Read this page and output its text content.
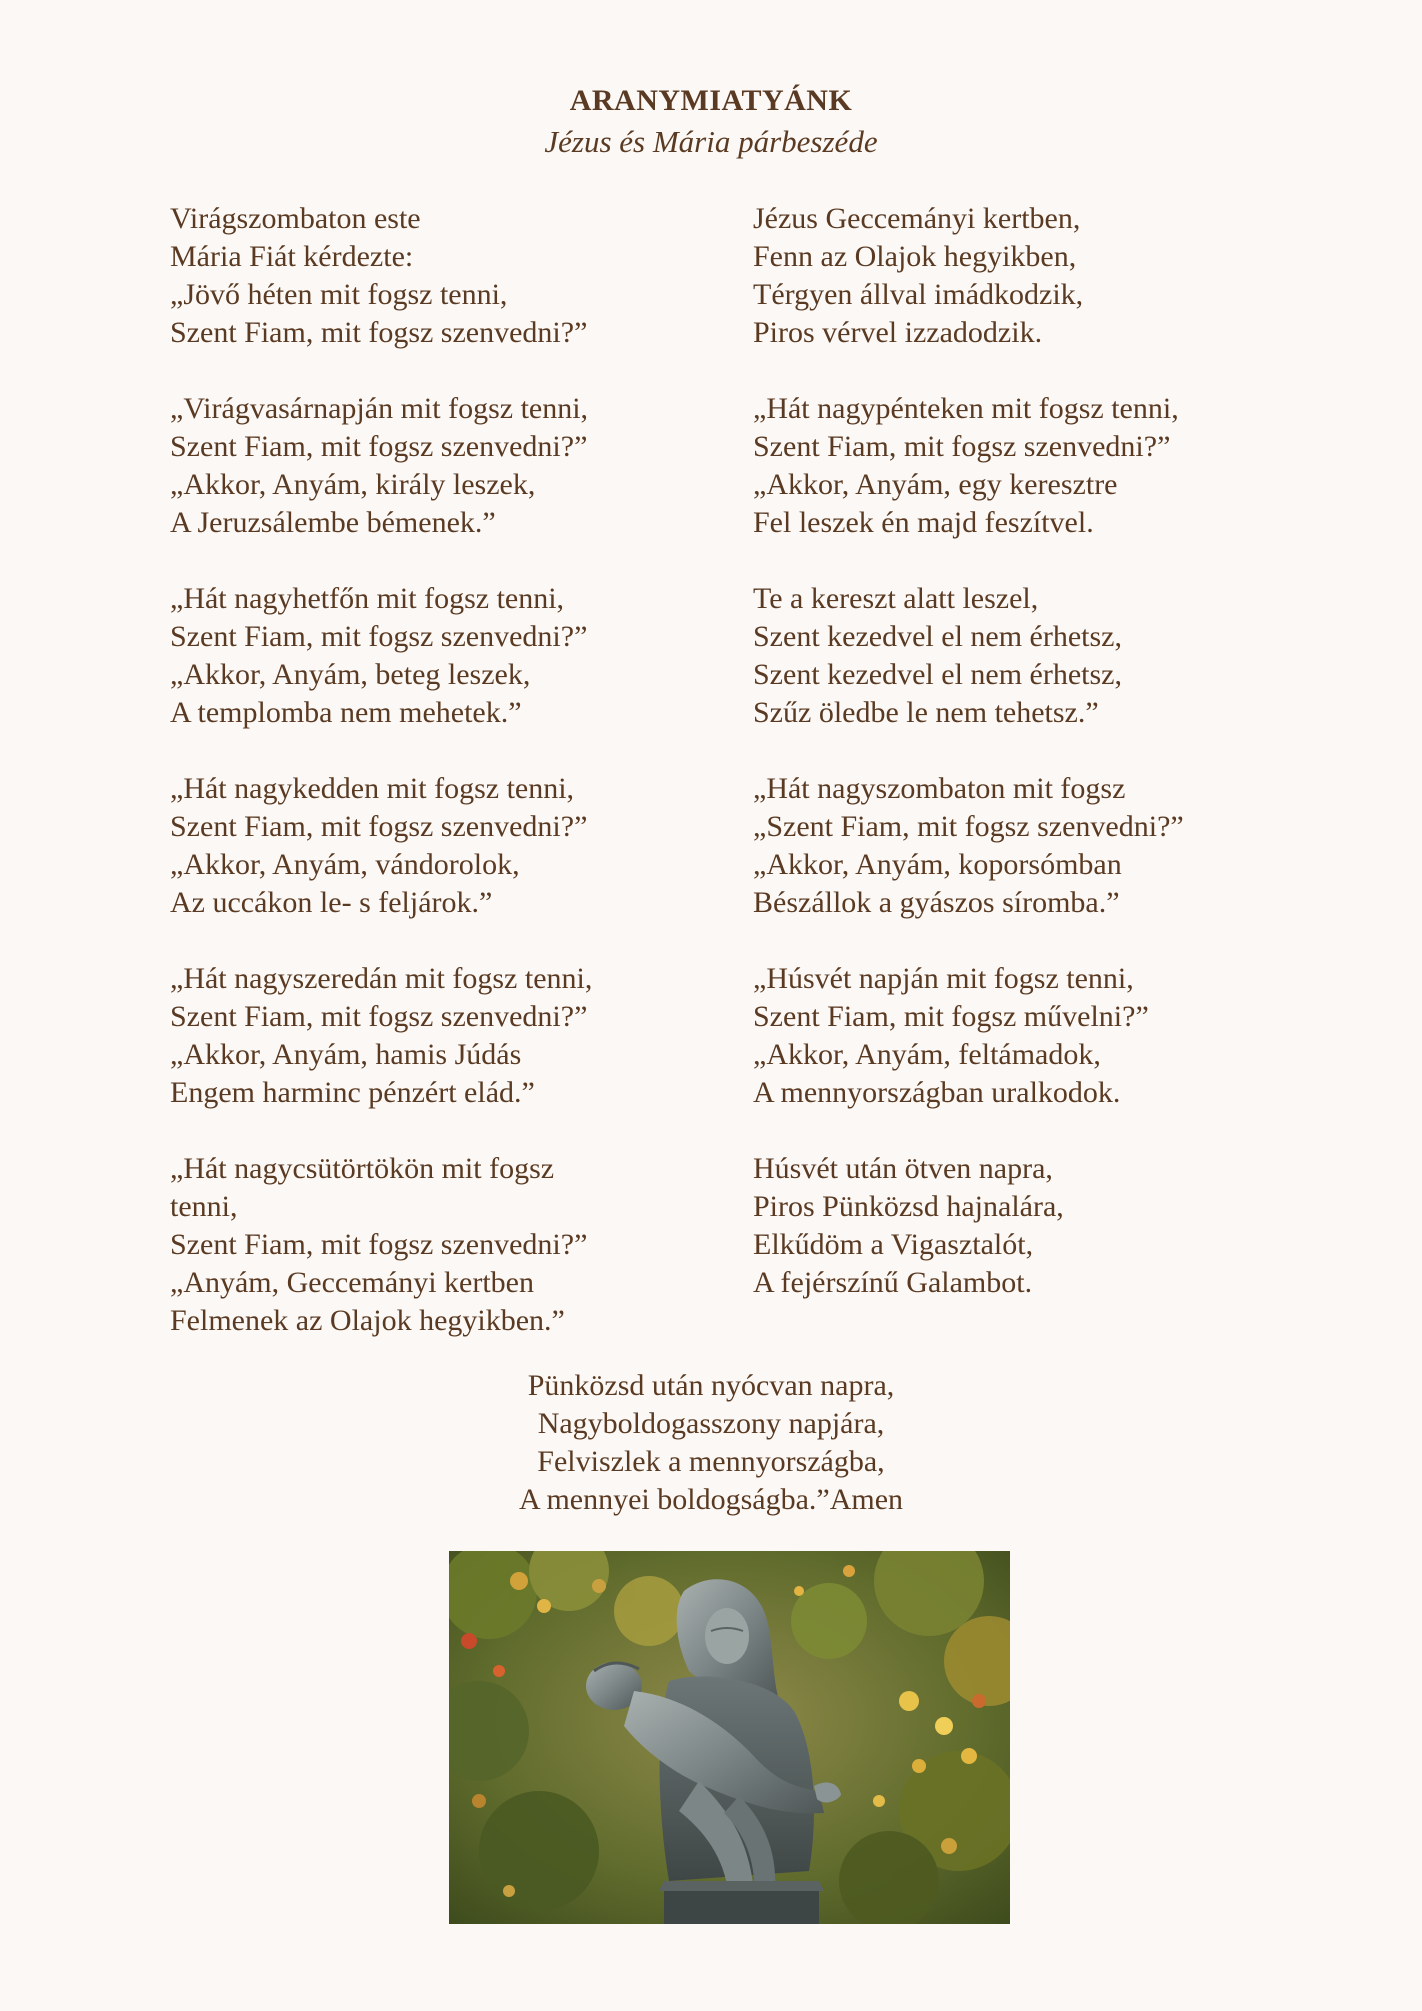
ARANYMIATYÁNK
Jézus és Mária párbeszéde
Virágszombaton este
Mária Fiát kérdezte:
„Jövő héten mit fogsz tenni,
Szent Fiam, mit fogsz szenvedni?”
„Virágvasárnapján mit fogsz tenni,
Szent Fiam, mit fogsz szenvedni?”
„Akkor, Anyám, király leszek,
A Jeruzsálembe bémenek.”
„Hát nagyhetfőn mit fogsz tenni,
Szent Fiam, mit fogsz szenvedni?”
„Akkor, Anyám, beteg leszek,
A templomba nem mehetek.”
„Hát nagykedden mit fogsz tenni,
Szent Fiam, mit fogsz szenvedni?”
„Akkor, Anyám, vándorolok,
Az uccákon le- s feljárok.”
„Hát nagyszeredán mit fogsz tenni,
Szent Fiam, mit fogsz szenvedni?”
„Akkor, Anyám, hamis Júdás
Engem harminc pénzért elád.”
„Hát nagycsütörtökön mit fogsz
tenni,
Szent Fiam, mit fogsz szenvedni?”
„Anyám, Geccemányi kertben
Felmenek az Olajok hegyikben.”
Jézus Geccemányi kertben,
Fenn az Olajok hegyikben,
Térgyen állval imádkodzik,
Piros vérvel izzadodzik.
„Hát nagypénteken mit fogsz tenni,
Szent Fiam, mit fogsz szenvedni?”
„Akkor, Anyám, egy keresztre
Fel leszek én majd feszítvel.
Te a kereszt alatt leszel,
Szent kezedvel el nem érhetsz,
Szent kezedvel el nem érhetsz,
Szűz öledbe le nem tehetsz.”
„Hát nagyszombaton mit fogsz
„Szent Fiam, mit fogsz szenvedni?”
„Akkor, Anyám, koporsómban
Bészállok a gyászos síromba.”
„Húsvét napján mit fogsz tenni,
Szent Fiam, mit fogsz művelni?”
„Akkor, Anyám, feltámadok,
A mennyországban uralkodok.
Húsvét után ötven napra,
Piros Pünközsd hajnalára,
Elkűdöm a Vigasztalót,
A fejérszínű Galambot.
Pünközsd után nyócvan napra,
Nagyboldogasszony napjára,
Felviszlek a mennyországba,
A mennyei boldogságba.”Amen
